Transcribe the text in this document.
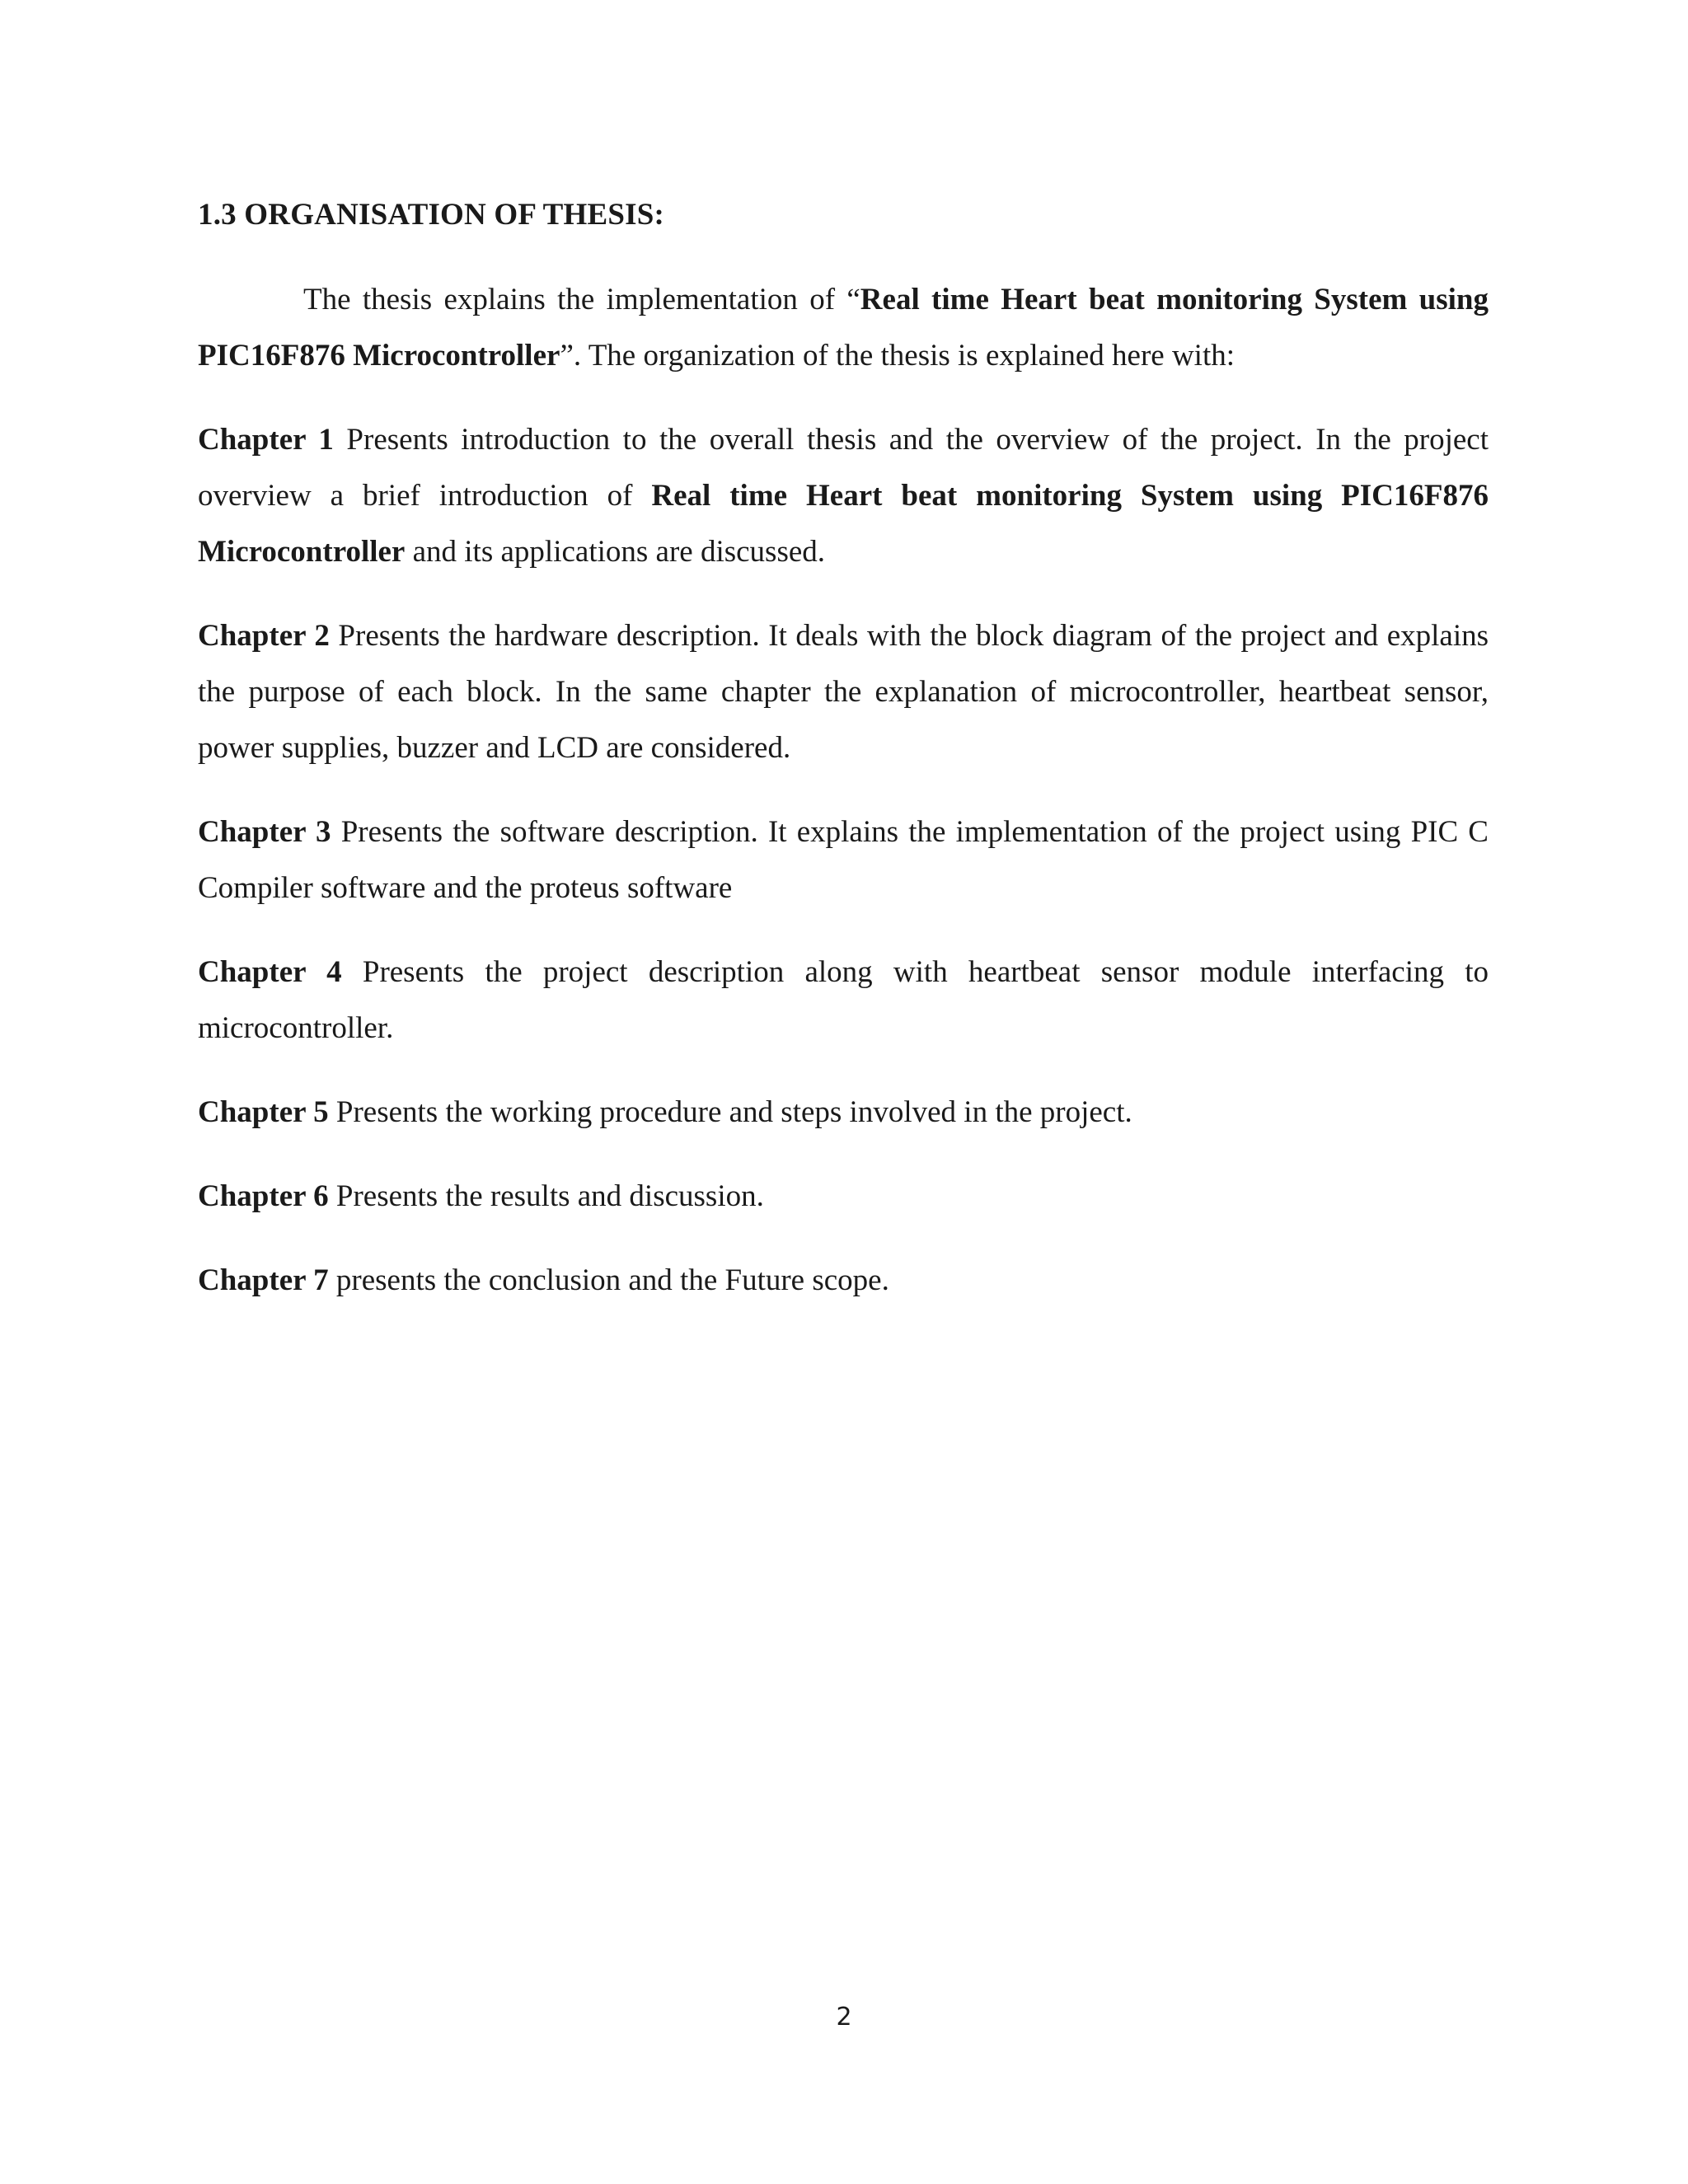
1.3 ORGANISATION OF THESIS:

The thesis explains the implementation of “Real time Heart beat monitoring System using PIC16F876 Microcontroller”. The organization of the thesis is explained here with:

Chapter 1 Presents introduction to the overall thesis and the overview of the project. In the project overview a brief introduction of Real time Heart beat monitoring System using PIC16F876 Microcontroller and its applications are discussed.

Chapter 2 Presents the hardware description. It deals with the block diagram of the project and explains the purpose of each block. In the same chapter the explanation of microcontroller, heartbeat sensor, power supplies, buzzer and LCD are considered.

Chapter 3 Presents the software description. It explains the implementation of the project using PIC C Compiler software and the proteus software

Chapter 4 Presents the project description along with heartbeat sensor module interfacing to microcontroller.

Chapter 5 Presents the working procedure and steps involved in the project.

Chapter 6 Presents the results and discussion.

Chapter 7 presents the conclusion and the Future scope.

2
